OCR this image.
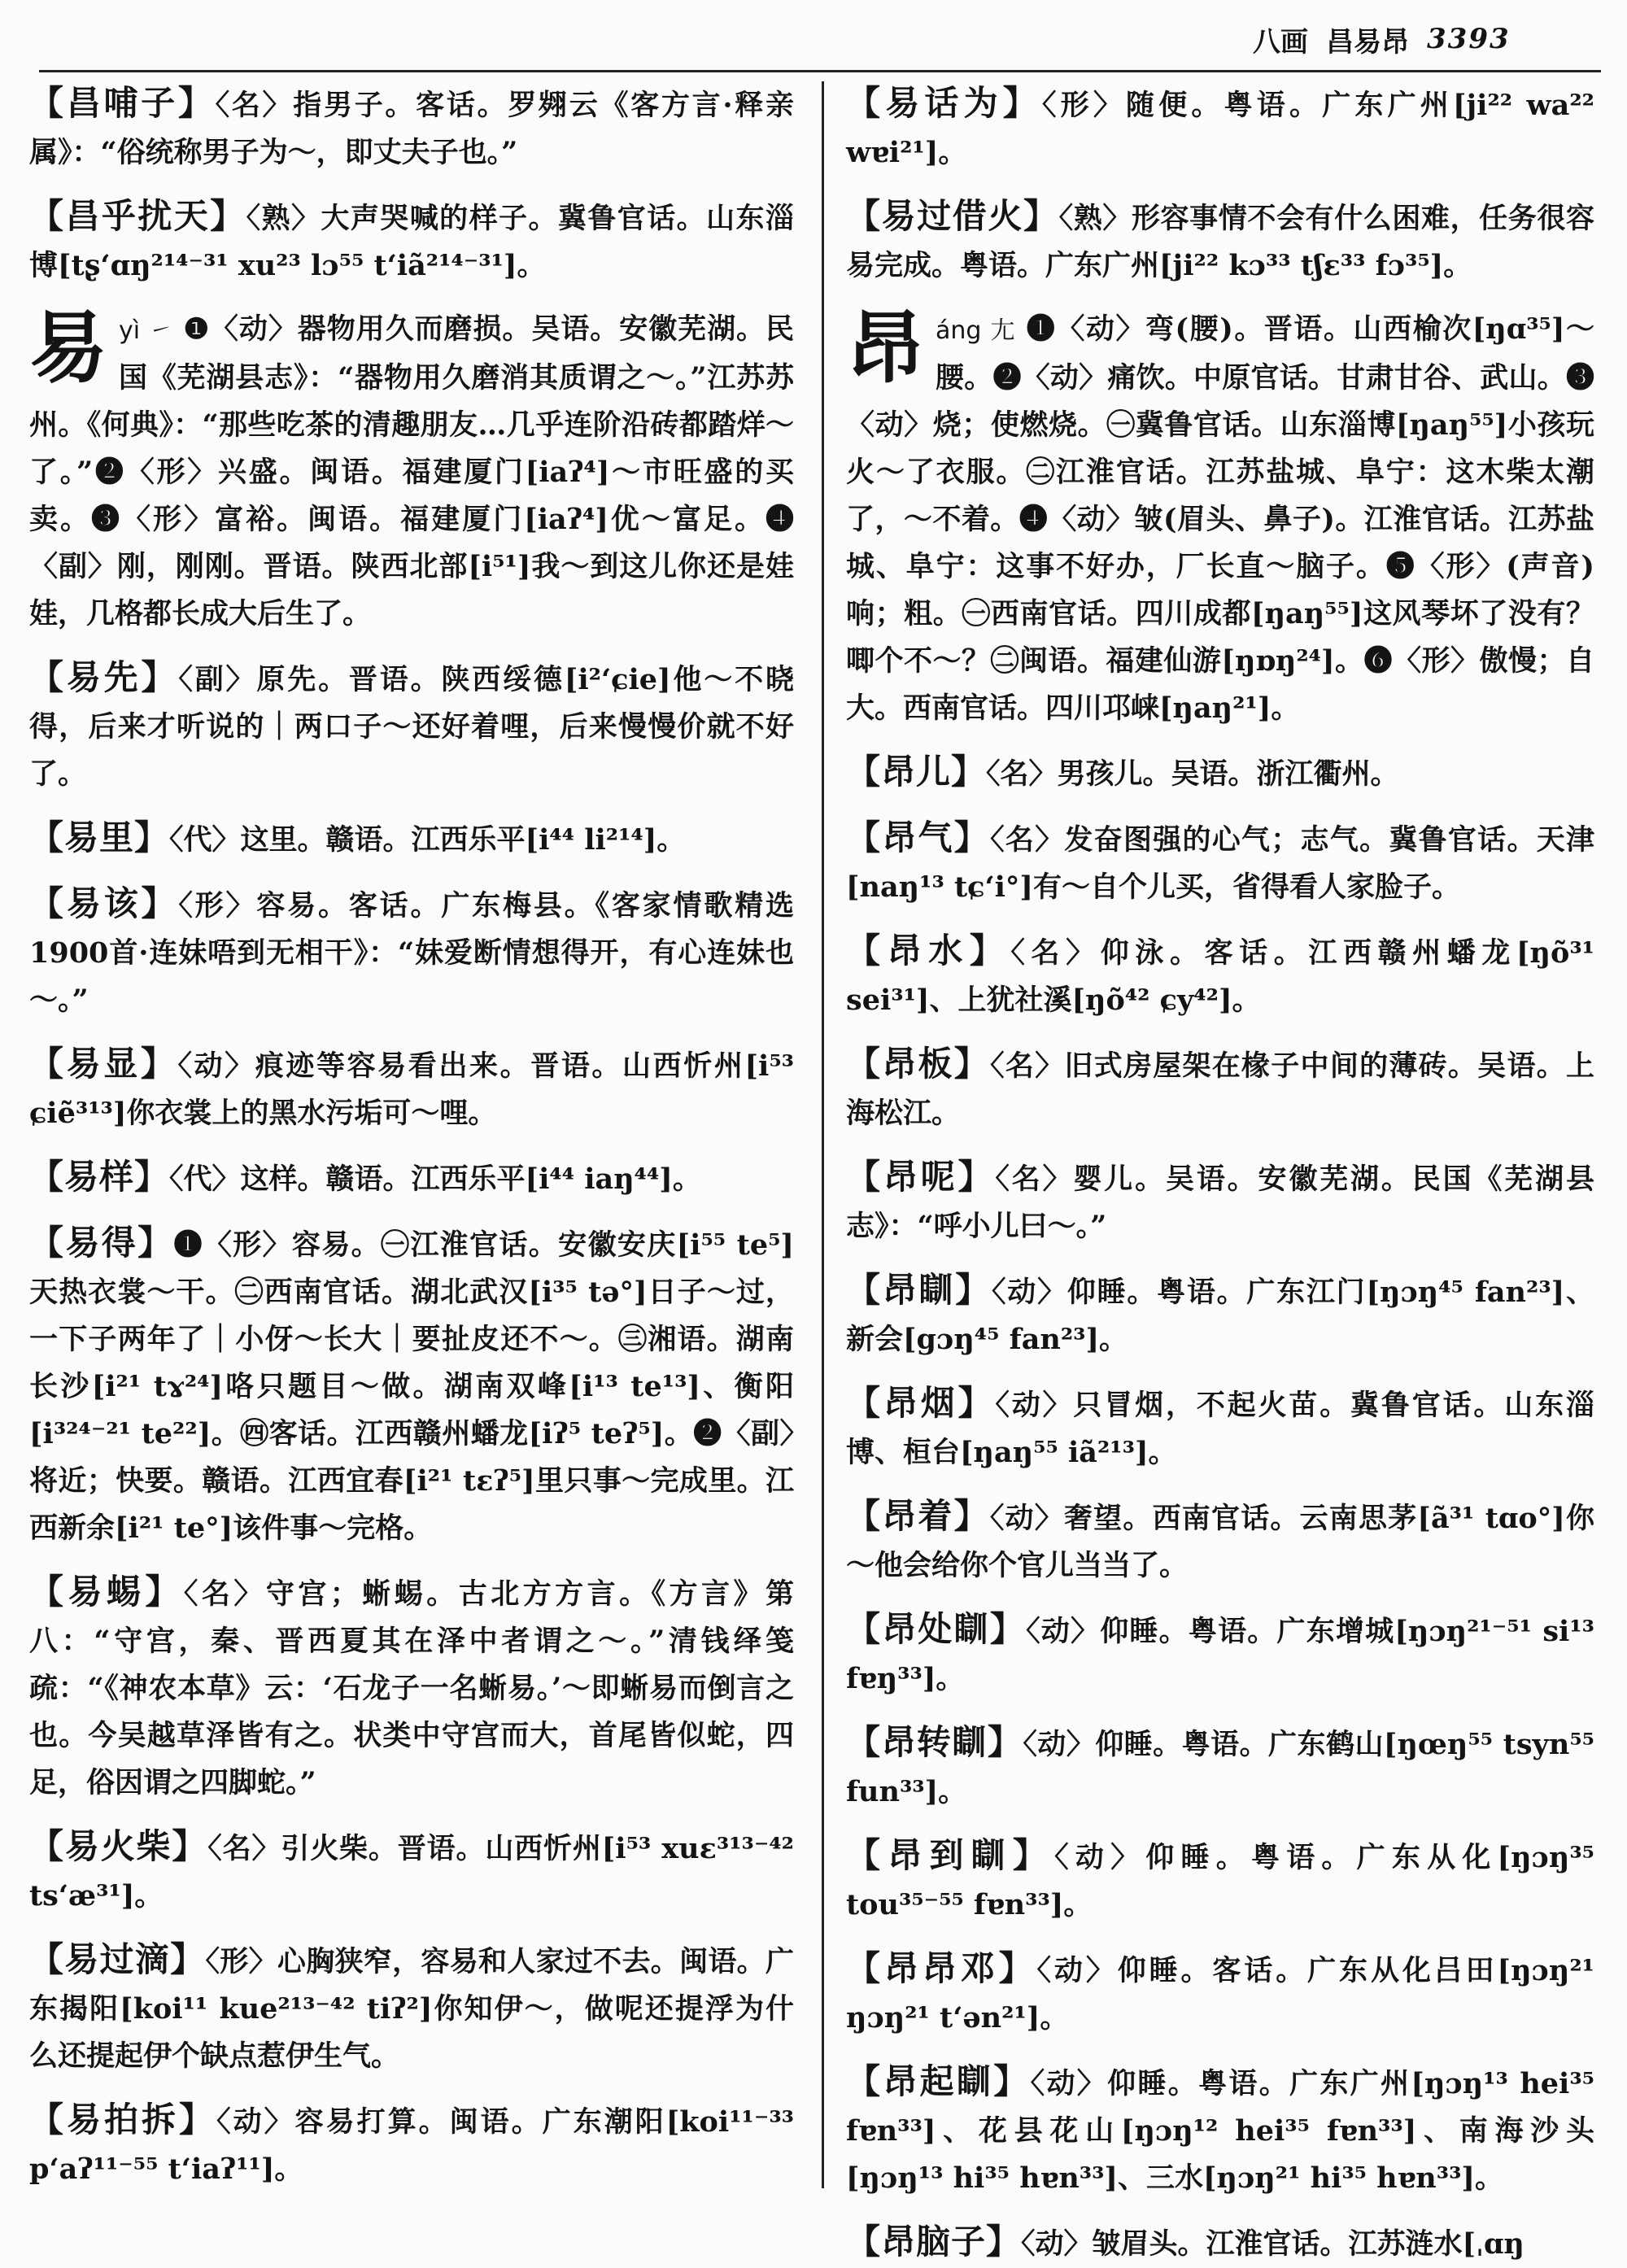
八画 昌易昂 3393
【昌哺子】〈名〉指男子。客话。罗翙云《客方言·释亲属》：“俗统称男子为～，即丈夫子也。”
【昌乎扰天】〈熟〉大声哭喊的样子。冀鲁官话。山东淄博[tʂʻɑŋ²¹⁴⁻³¹ xu²³ lɔ⁵⁵ tʻiã²¹⁴⁻³¹]。
易yì ㇀ ❶〈动〉器物用久而磨损。吴语。安徽芜湖。民国《芜湖县志》：“器物用久磨消其质谓之～。”江苏苏州。《何典》：“那些吃茶的清趣朋友…几乎连阶沿砖都踏烊～了。”❷〈形〉兴盛。闽语。福建厦门[iaʔ⁴]～市旺盛的买卖。❸〈形〉富裕。闽语。福建厦门[iaʔ⁴]优～富足。❹〈副〉刚，刚刚。晋语。陕西北部[i⁵¹]我～到这儿你还是娃娃，几格都长成大后生了。
【易先】〈副〉原先。晋语。陕西绥德[i²ʻɕie]他～不晓得，后来才听说的｜两口子～还好着哩，后来慢慢价就不好了。
【易里】〈代〉这里。赣语。江西乐平[i⁴⁴ li²¹⁴]。
【易该】〈形〉容易。客话。广东梅县。《客家情歌精选1900首·连妹唔到无相干》：“妹爱断情想得开，有心连妹也～。”
【易显】〈动〉痕迹等容易看出来。晋语。山西忻州[i⁵³ ɕiẽ³¹³]你衣裳上的黑水污垢可～哩。
【易样】〈代〉这样。赣语。江西乐平[i⁴⁴ iaŋ⁴⁴]。
【易得】❶〈形〉容易。㊀江淮官话。安徽安庆[i⁵⁵ te⁵]天热衣裳～干。㊁西南官话。湖北武汉[i³⁵ tə°]日子～过，一下子两年了｜小伢～长大｜要扯皮还不～。㊂湘语。湖南长沙[i²¹ tɤ²⁴]咯只题目～做。湖南双峰[i¹³ te¹³]、衡阳[i³²⁴⁻²¹ te²²]。㊃客话。江西赣州蟠龙[iʔ⁵ teʔ⁵]。❷〈副〉将近；快要。赣语。江西宜春[i²¹ tɛʔ⁵]里只事～完成里。江西新余[i²¹ te°]该件事～完格。
【易蜴】〈名〉守宫；蜥蜴。古北方方言。《方言》第八：“守宫，秦、晋西夏其在泽中者谓之～。”清钱绎笺疏：“《神农本草》云：‘石龙子一名蜥易。’～即蜥易而倒言之也。今吴越草泽皆有之。状类中守宫而大，首尾皆似蛇，四足，俗因谓之四脚蛇。”
【易火柴】〈名〉引火柴。晋语。山西忻州[i⁵³ xuɛ³¹³⁻⁴² tsʻæ³¹]。
【易过滴】〈形〉心胸狭窄，容易和人家过不去。闽语。广东揭阳[koi¹¹ kue²¹³⁻⁴² tiʔ²]你知伊～，做呢还提浮为什么还提起伊个缺点惹伊生气。
【易拍拆】〈动〉容易打算。闽语。广东潮阳[koi¹¹⁻³³ pʻaʔ¹¹⁻⁵⁵ tʻiaʔ¹¹]。
【易话为】〈形〉随便。粤语。广东广州[ji²² wa²² wɐi²¹]。
【易过借火】〈熟〉形容事情不会有什么困难，任务很容易完成。粤语。广东广州[ji²² kɔ³³ tʃɛ³³ fɔ³⁵]。
昂áng 尢 ❶〈动〉弯(腰)。晋语。山西榆次[ŋɑ³⁵]～腰。❷〈动〉痛饮。中原官话。甘肃甘谷、武山。❸〈动〉烧；使燃烧。㊀冀鲁官话。山东淄博[ŋaŋ⁵⁵]小孩玩火～了衣服。㊁江淮官话。江苏盐城、阜宁：这木柴太潮了，～不着。❹〈动〉皱(眉头、鼻子)。江淮官话。江苏盐城、阜宁：这事不好办，厂长直～脑子。❺〈形〉(声音)响；粗。㊀西南官话。四川成都[ŋaŋ⁵⁵]这风琴坏了没有？唧个不～？㊁闽语。福建仙游[ŋɒŋ²⁴]。❻〈形〉傲慢；自大。西南官话。四川邛崃[ŋaŋ²¹]。
【昂儿】〈名〉男孩儿。吴语。浙江衢州。
【昂气】〈名〉发奋图强的心气；志气。冀鲁官话。天津[naŋ¹³ tɕʻi°]有～自个儿买，省得看人家脸子。
【昂水】〈名〉仰泳。客话。江西赣州蟠龙[ŋõ³¹ sei³¹]、上犹社溪[ŋõ⁴² ɕy⁴²]。
【昂板】〈名〉旧式房屋架在椽子中间的薄砖。吴语。上海松江。
【昂呢】〈名〉婴儿。吴语。安徽芜湖。民国《芜湖县志》：“呼小儿曰～。”
【昂瞓】〈动〉仰睡。粤语。广东江门[ŋɔŋ⁴⁵ fan²³]、新会[gɔŋ⁴⁵ fan²³]。
【昂烟】〈动〉只冒烟，不起火苗。冀鲁官话。山东淄博、桓台[ŋaŋ⁵⁵ iã²¹³]。
【昂着】〈动〉奢望。西南官话。云南思茅[ã³¹ tɑo°]你～他会给你个官儿当当了。
【昂处瞓】〈动〉仰睡。粤语。广东增城[ŋɔŋ²¹⁻⁵¹ si¹³ fɐŋ³³]。
【昂转瞓】〈动〉仰睡。粤语。广东鹤山[ŋœŋ⁵⁵ tsyn⁵⁵ fun³³]。
【昂到瞓】〈动〉仰睡。粤语。广东从化[ŋɔŋ³⁵ tou³⁵⁻⁵⁵ fɐn³³]。
【昂昂邓】〈动〉仰睡。客话。广东从化吕田[ŋɔŋ²¹ ŋɔŋ²¹ tʻən²¹]。
【昂起瞓】〈动〉仰睡。粤语。广东广州[ŋɔŋ¹³ hei³⁵ fɐn³³]、花县花山[ŋɔŋ¹² hei³⁵ fɐn³³]、南海沙头[ŋɔŋ¹³ hi³⁵ hɐn³³]、三水[ŋɔŋ²¹ hi³⁵ hɐn³³]。
【昂脑子】〈动〉皱眉头。江淮官话。江苏涟水[ˌɑŋ
